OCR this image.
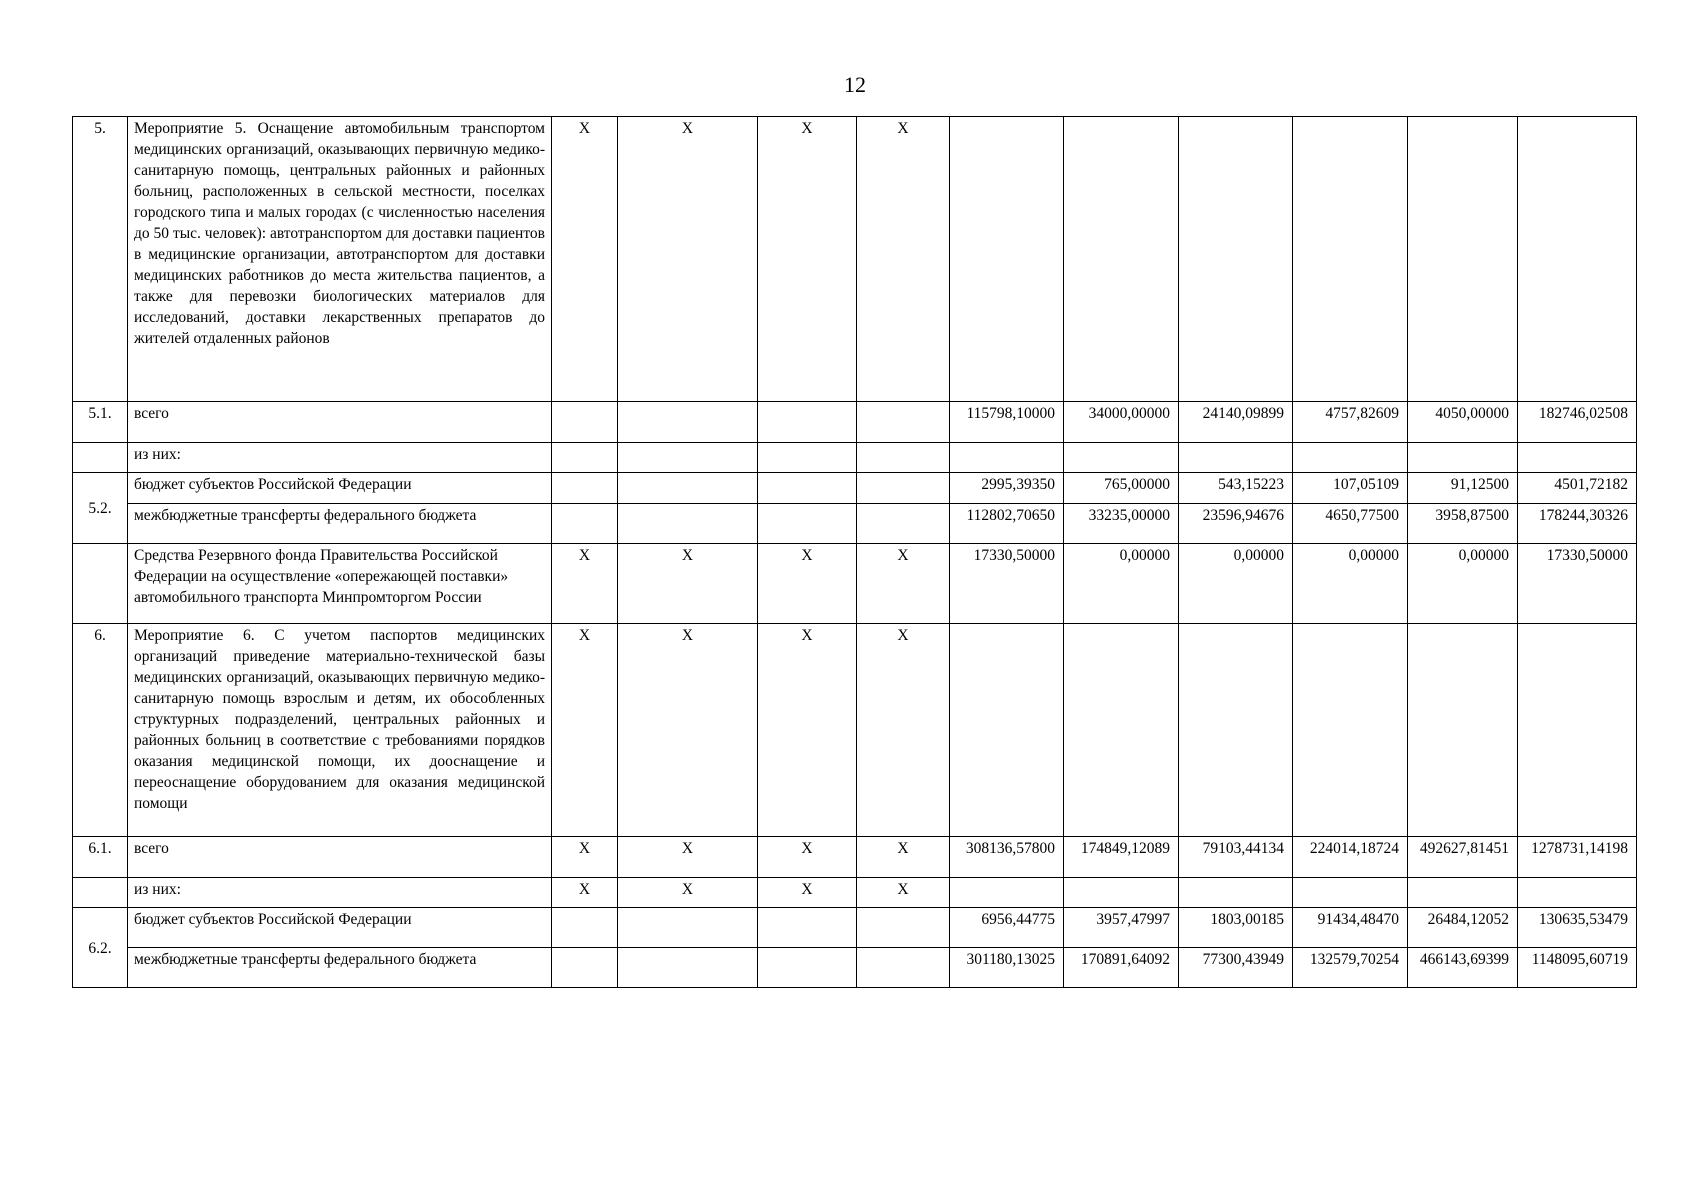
12
5.	Мероприятие 5. Оснащение автомобильным транспортом медицинских организаций, оказывающих первичную медико-санитарную помощь, центральных районных и районных больниц, расположенных в сельской местности, поселках городского типа и малых городах (с численностью населения до 50 тыс. человек): автотранспортом для доставки пациентов в медицинские организации, автотранспортом для доставки медицинских работников до места жительства пациентов, а также для перевозки биологических материалов для исследований, доставки лекарственных препаратов до жителей отдаленных районов	X	X	X	X						
5.1.	всего					115798,10000	34000,00000	24140,09899	4757,82609	4050,00000	182746,02508
	из них:										
5.2.	бюджет субъектов Российской Федерации					2995,39350	765,00000	543,15223	107,05109	91,12500	4501,72182
	межбюджетные трансферты федерального бюджета					112802,70650	33235,00000	23596,94676	4650,77500	3958,87500	178244,30326
	Средства Резервного фонда Правительства Российской Федерации на осуществление «опережающей поставки» автомобильного транспорта Минпромторгом России	X	X	X	X	17330,50000	0,00000	0,00000	0,00000	0,00000	17330,50000
6.	Мероприятие 6. С учетом паспортов медицинских организаций приведение материально-технической базы медицинских организаций, оказывающих первичную медико-санитарную помощь взрослым и детям, их обособленных структурных подразделений, центральных районных и районных больниц в соответствие с требованиями порядков оказания медицинской помощи, их дооснащение и переоснащение оборудованием для оказания медицинской помощи	X	X	X	X						
6.1.	всего	X	X	X	X	308136,57800	174849,12089	79103,44134	224014,18724	492627,81451	1278731,14198
	из них:	X	X	X	X						
6.2.	бюджет субъектов Российской Федерации					6956,44775	3957,47997	1803,00185	91434,48470	26484,12052	130635,53479
	межбюджетные трансферты федерального бюджета					301180,13025	170891,64092	77300,43949	132579,70254	466143,69399	1148095,60719
